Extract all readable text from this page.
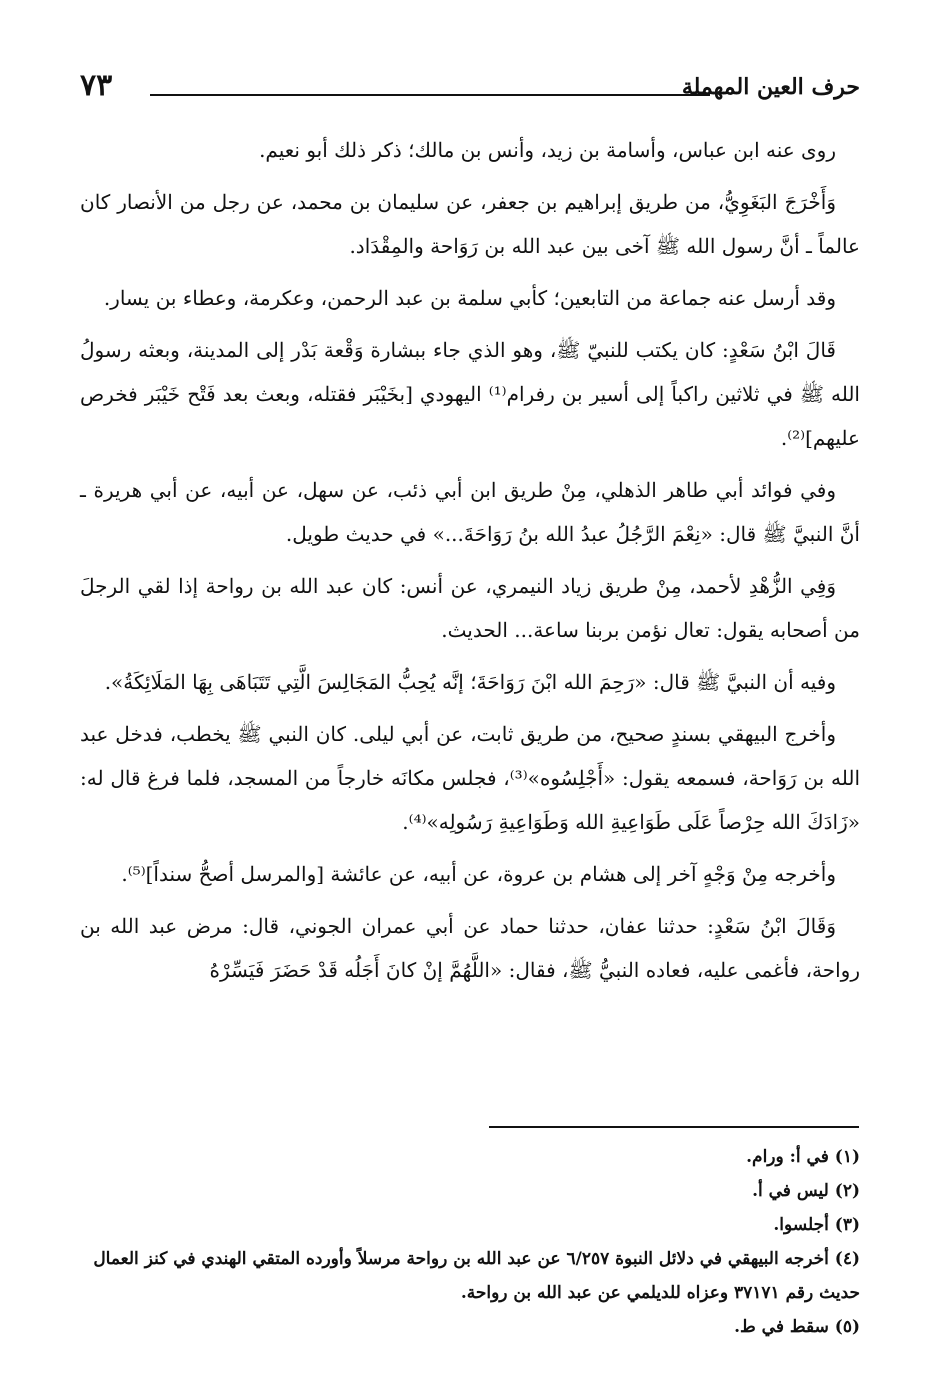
حرف العين المهملة
٧٣

روى عنه ابن عباس، وأسامة بن زيد، وأنس بن مالك؛ ذكر ذلك أبو نعيم.

وَأَخْرَجَ البَغَوِيُّ، من طريق إبراهيم بن جعفر، عن سليمان بن محمد، عن رجل من الأنصار كان عالماً ـ أنَّ رسول الله ﷺ آخى بين عبد الله بن رَوَاحة والمِقْدَاد.

وقد أرسل عنه جماعة من التابعين؛ كأبي سلمة بن عبد الرحمن، وعكرمة، وعطاء بن يسار.

قَالَ ابْنُ سَعْدٍ: كان يكتب للنبيّ ﷺ، وهو الذي جاء ببشارة وَقْعة بَدْر إلى المدينة، وبعثه رسولُ الله ﷺ في ثلاثين راكباً إلى أسير بن رفرام⁽¹⁾ اليهودي [بخَيْبَر فقتله، وبعث بعد فَتْح خَيْبَر فخرص عليهم]⁽²⁾.

وفي فوائد أبي طاهر الذهلي، مِنْ طريق ابن أبي ذئب، عن سهل، عن أبيه، عن أبي هريرة ـ أنَّ النبيَّ ﷺ قال: «نِعْمَ الرَّجُلُ عبدُ الله بنُ رَوَاحَةَ...» في حديث طويل.

وَفِي الزُّهْدِ لأحمد، مِنْ طريق زياد النيمري، عن أنس: كان عبد الله بن رواحة إذا لقي الرجلَ من أصحابه يقول: تعال نؤمن بربنا ساعة... الحديث.

وفيه أن النبيَّ ﷺ قال: «رَحِمَ الله ابْنَ رَوَاحَةَ؛ إنَّه يُحِبُّ المَجَالِسَ الَّتِي تَتَبَاهَى بِهَا المَلَائِكَةُ».

وأخرج البيهقي بسندٍ صحيح، من طريق ثابت، عن أبي ليلى. كان النبي ﷺ يخطب، فدخل عبد الله بن رَوَاحة، فسمعه يقول: «أَجْلِسُوه»⁽³⁾، فجلس مكانَه خارجاً من المسجد، فلما فرغ قال له: «زَادَكَ الله حِرْصاً عَلَى طَوَاعِيةِ الله وَطَوَاعِيةِ رَسُولِه»⁽⁴⁾.

وأخرجه مِنْ وَجْهٍ آخر إلى هشام بن عروة، عن أبيه، عن عائشة [والمرسل أصحُّ سنداً]⁽⁵⁾.

وَقَالَ ابْنُ سَعْدٍ: حدثنا عفان، حدثنا حماد عن أبي عمران الجوني، قال: مرض عبد الله بن رواحة، فأغمى عليه، فعاده النبيُّ ﷺ، فقال: «اللَّهُمَّ إنْ كانَ أَجَلُه قَدْ حَضَرَ فَيَسِّرْهُ

(١) في أ: ورام.

(٢) ليس في أ.

(٣) أجلسوا.

(٤) أخرجه البيهقي في دلائل النبوة ٦/٢٥٧ عن عبد الله بن رواحة مرسلاً وأورده المتقي الهندي في كنز العمال حديث رقم ٣٧١٧١ وعزاه للديلمي عن عبد الله بن رواحة.

(٥) سقط في ط.
